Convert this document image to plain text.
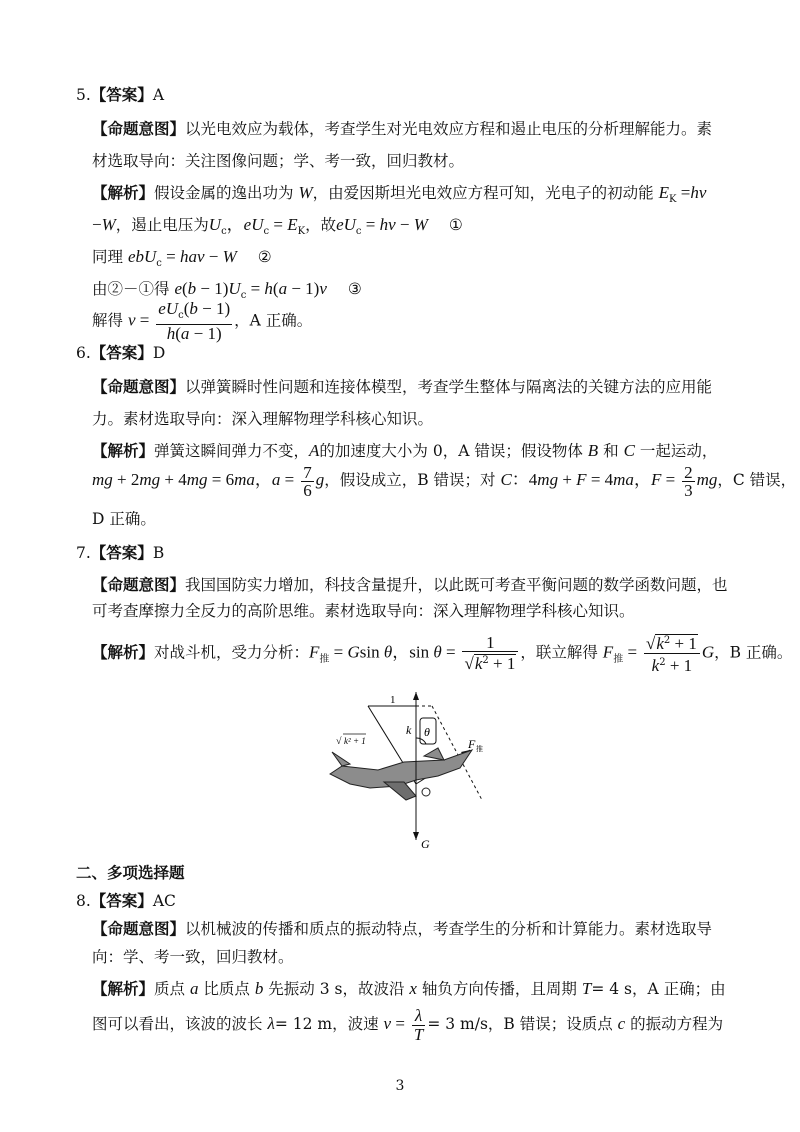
5.【答案】A
【命题意图】以光电效应为载体，考查学生对光电效应方程和遏止电压的分析理解能力。素
材选取导向：关注图像问题；学、考一致，回归教材。
【解析】假设金属的逸出功为 W，由爱因斯坦光电效应方程可知，光电子的初动能 $E_K =h\nu$
−W，遏止电压为$U_c$，$eU_c = E_K$，故$eU_c = h\nu - W$ ①
同理 ebU$_c$ = haν − W ②
由②－①得 $e(b - 1)U_c = h(a - 1)\nu$ ③
解得 $\nu = \frac{eU_c(b - 1)}{h(a - 1)}$ ，A 正确。
6.【答案】D
【命题意图】以弹簧瞬时性问题和连接体模型，考查学生整体与隔离法的关键方法的应用能
力。素材选取导向：深入理解物理学科核心知识。
【解析】弹簧这瞬间弹力不变，A的加速度大小为 0，A 错误；假设物体 B 和 C 一起运动，
mg + 2mg + 4mg = 6ma，$a = \frac{7}{6}$ g，假设成立，B 错误；对 C：4mg + F = 4ma，$F = \frac{2}{3}$ mg，C 错误，
D 正确。
7.【答案】B
【命题意图】我国国防实力增加，科技含量提升，以此既可考查平衡问题的数学函数问题，也
可考查摩擦力全反力的高阶思维。素材选取导向：深入理解物理学科核心知识。
【解析】对战斗机，受力分析：$F_推 = Gsin$ θ，$\sin \theta = \frac{1}{√k^2 + 1}$ ，联立解得 $F_推 = \frac{√k^2 + 1}{k^2 + 1}$ G，B 正确。
1
k θ
√ k² + 1	F 推
G
二、多项选择题
8.【答案】AC
【命题意图】以机械波的传播和质点的振动特点，考查学生的分析和计算能力。素材选取导
向：学、考一致，回归教材。
【解析】质点 a 比质点 b 先振动 3 s，故波沿 x 轴负方向传播，且周期 T= 4 s，A 正确；由
图可以看出，该波的波长 λ= 12 m，波速 $v = \frac{\lambda}{T} = 3$ m/s，B 错误；设质点 c 的振动方程为
3
